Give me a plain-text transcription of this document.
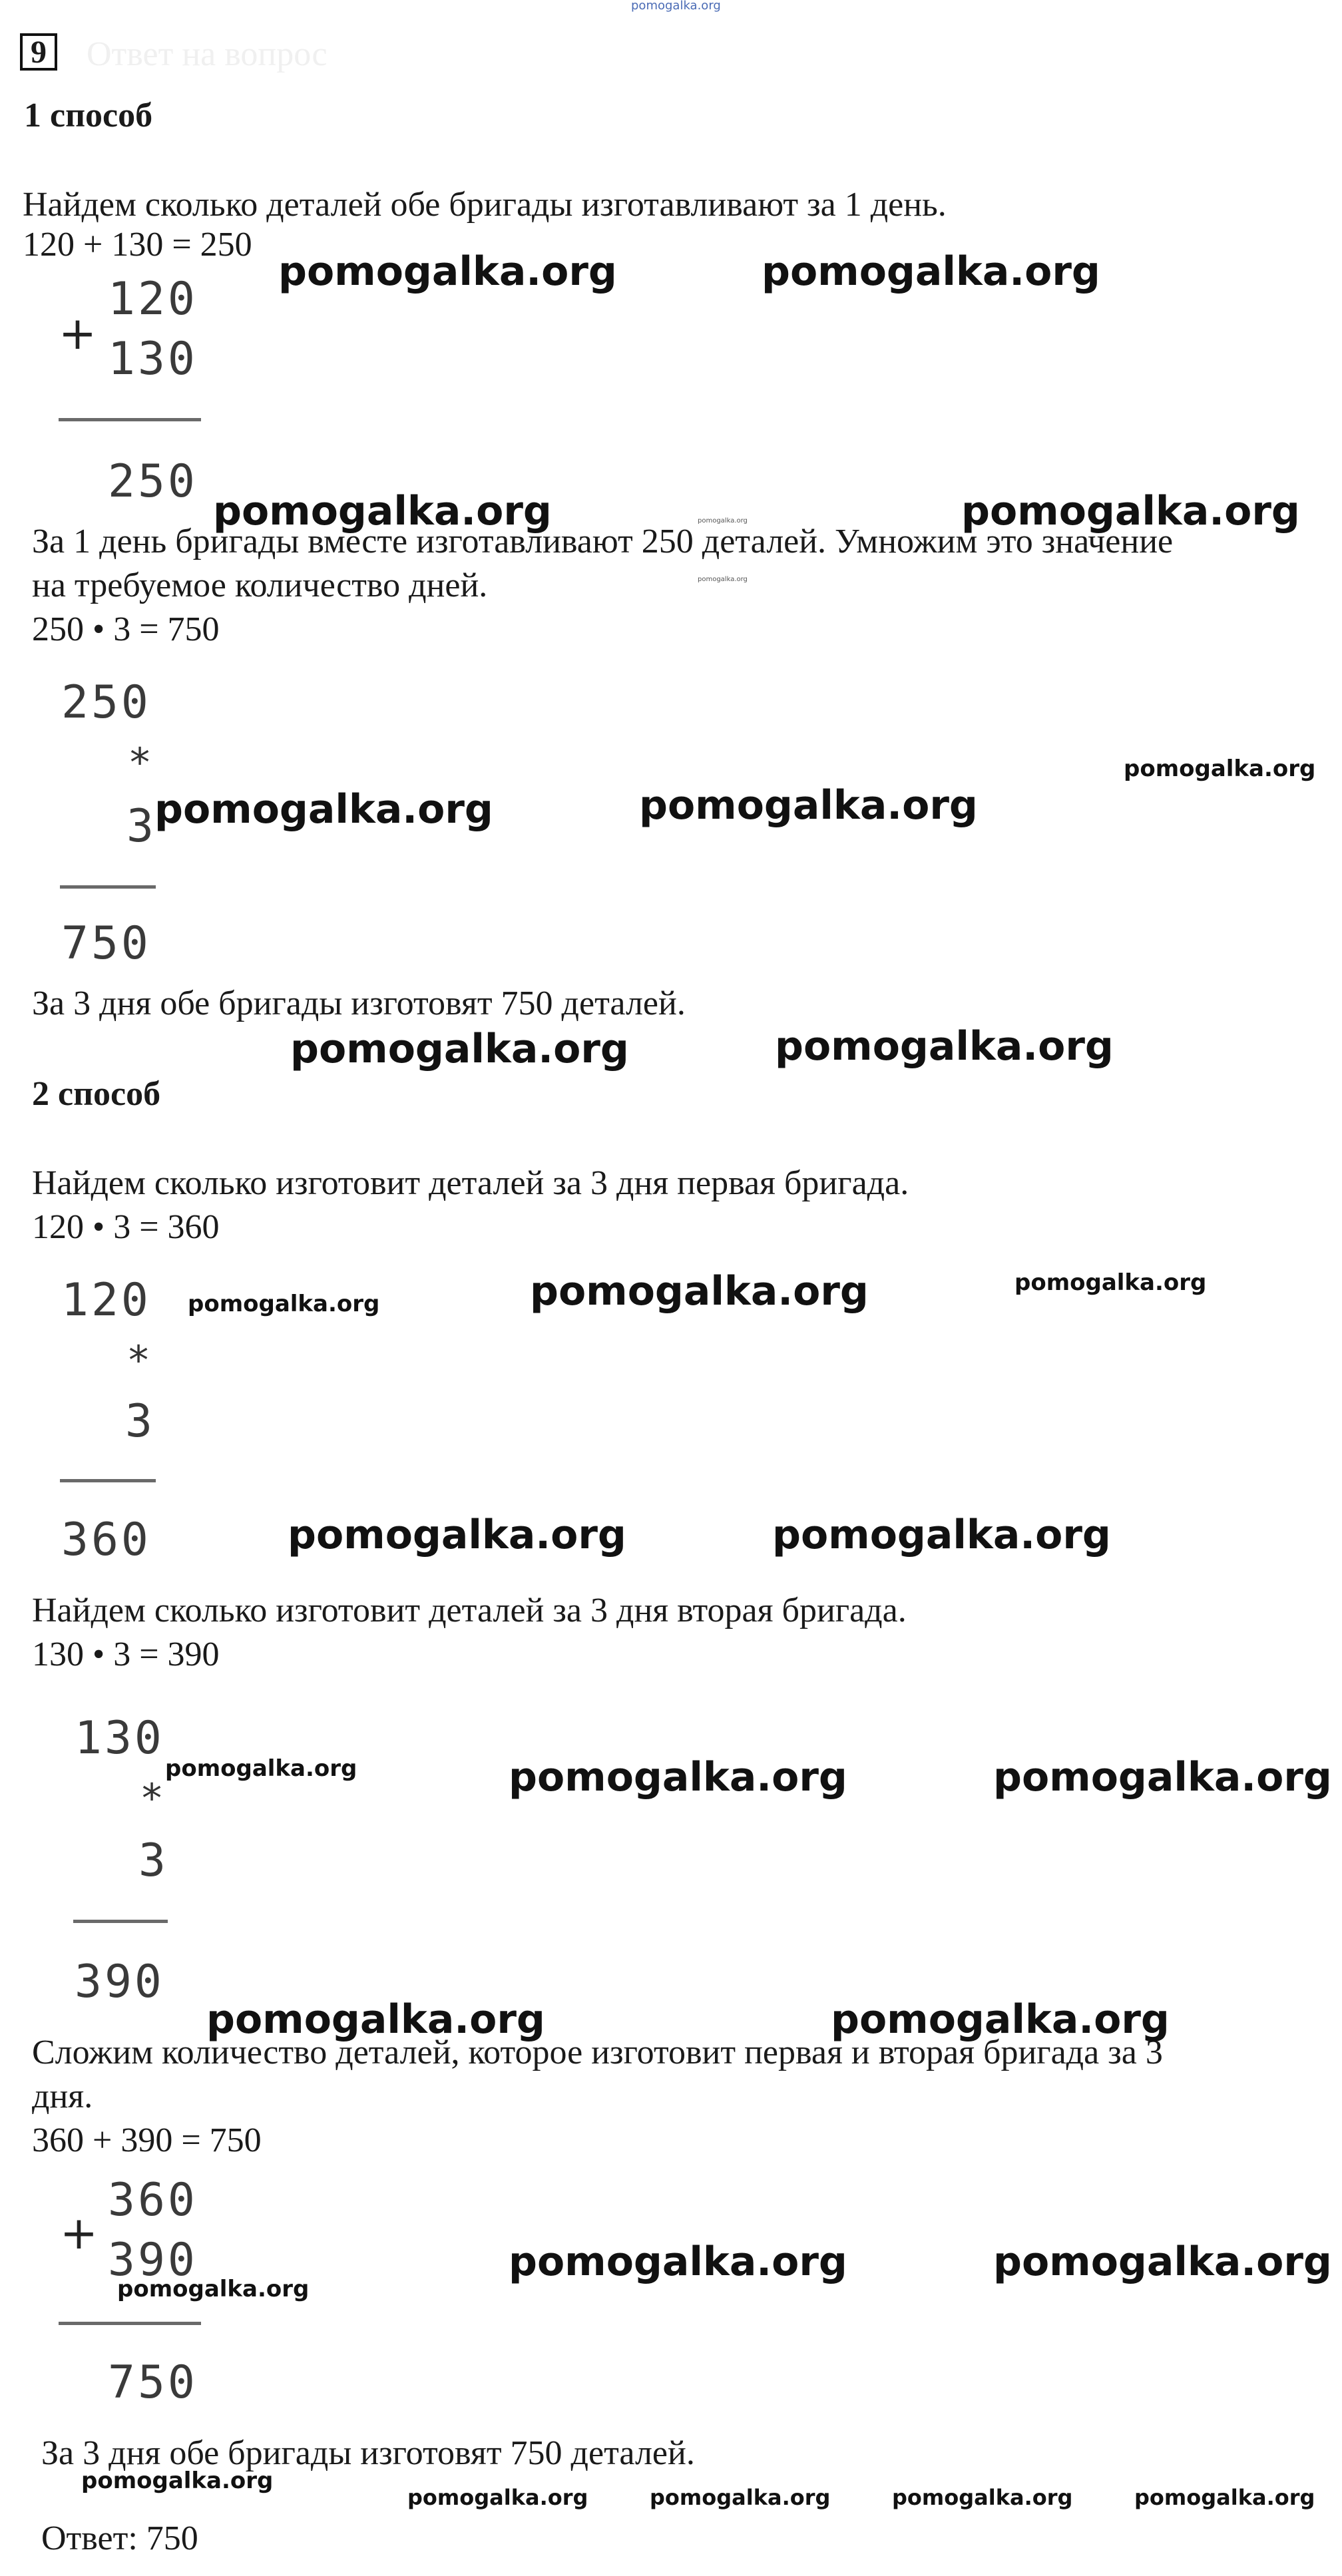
pomogalka.org
9	Ответ на вопрос
1 способ
Найдем сколько деталей обе бригады изготавливают за 1 день.
120 + 130 = 250
+
120
130
250
За 1 день бригады вместе изготавливают 250 деталей. Умножим это значение
на требуемое количество дней.
250 • 3 = 750
250
*
3
750
За 3 дня обе бригады изготовят 750 деталей.
2 способ
Найдем сколько изготовит деталей за 3 дня первая бригада.
120 • 3 = 360
120
*
3
360
Найдем сколько изготовит деталей за 3 дня вторая бригада.
130 • 3 = 390
130
*
3
390
Сложим количество деталей, которое изготовит первая и вторая бригада за 3
дня.
360 + 390 = 750
+
360
390
750
За 3 дня обе бригады изготовят 750 деталей.
Ответ: 750
pomogalka.org	pomogalka.org
pomogalka.org	pomogalka.org
pomogalka.org
pomogalka.org
pomogalka.org	pomogalka.org
pomogalka.org
pomogalka.org	pomogalka.org
pomogalka.org	pomogalka.org	pomogalka.org
pomogalka.org	pomogalka.org
pomogalka.org	pomogalka.org	pomogalka.org
pomogalka.org	pomogalka.org
pomogalka.org
pomogalka.org	pomogalka.org
pomogalka.org
pomogalka.org	pomogalka.org	pomogalka.org	pomogalka.org
